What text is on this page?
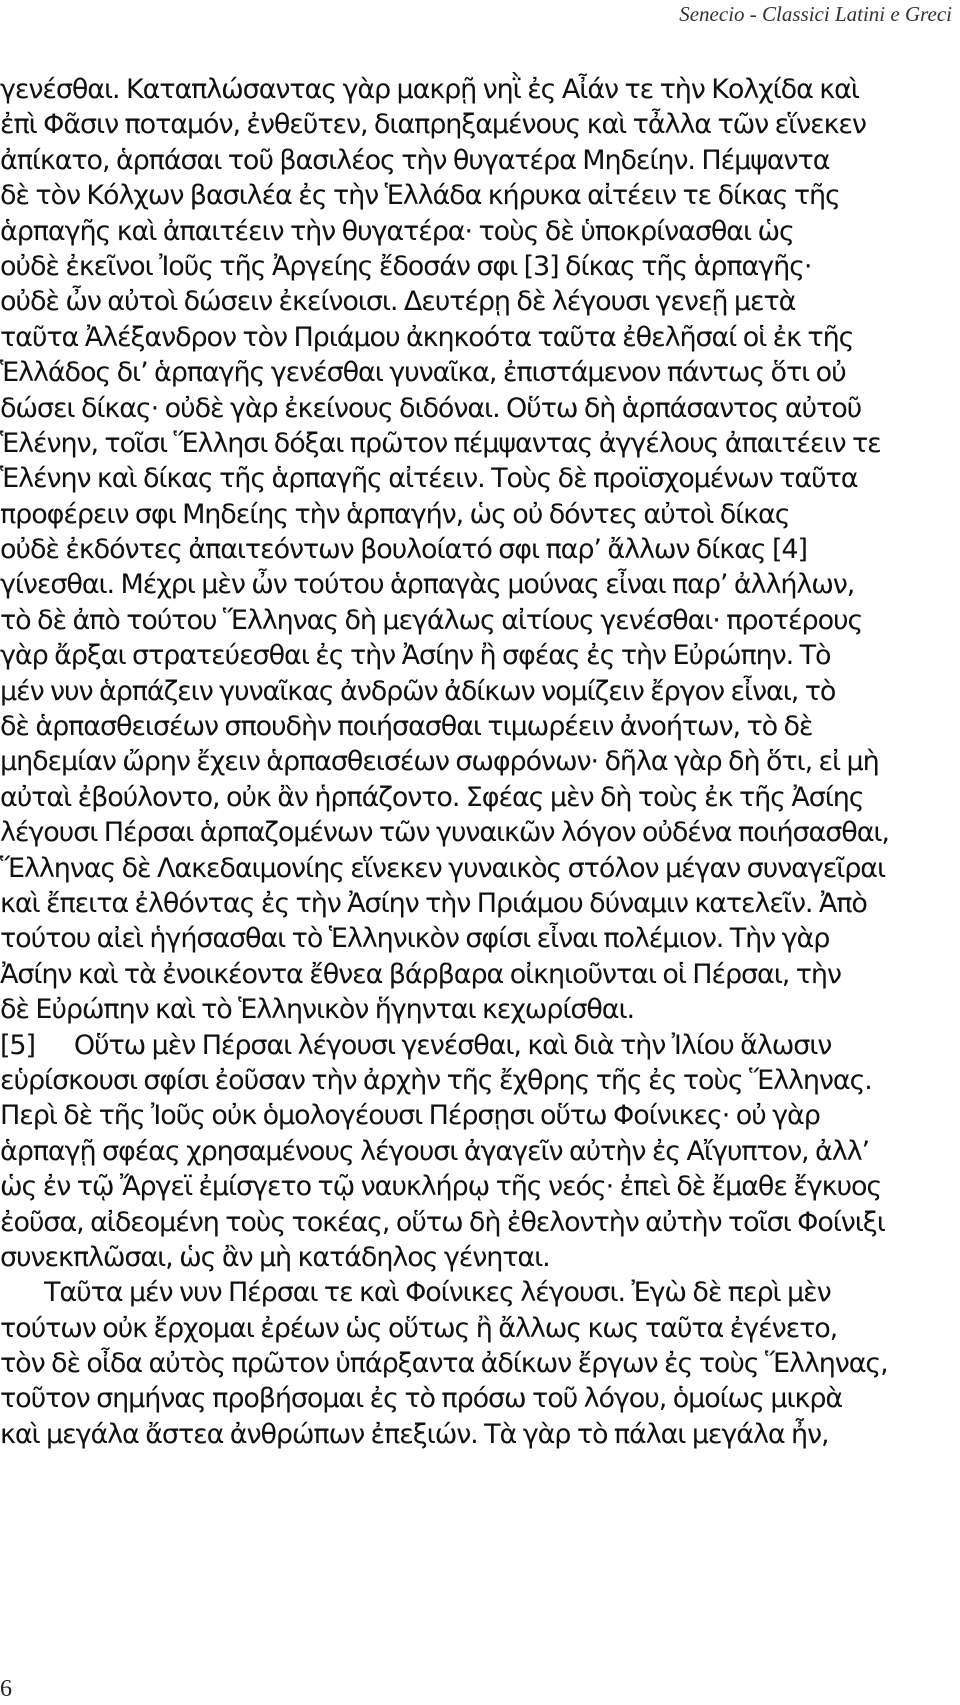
Senecio - Classici Latini e Greci
γενέσθαι. Καταπλώσαντας γὰρ μακρῇ νηῒ ἐς Αἶάν τε τὴν Κολχίδα καὶ
ἐπὶ Φᾶσιν ποταμόν, ἐνθεῦτεν, διαπρηξαμένους καὶ τἆλλα τῶν εἵνεκεν
ἀπίκατο, ἁρπάσαι τοῦ βασιλέος τὴν θυγατέρα Μηδείην. Πέμψαντα
δὲ τὸν Κόλχων βασιλέα ἐς τὴν Ἑλλάδα κήρυκα αἰτέειν τε δίκας τῆς
ἁρπαγῆς καὶ ἀπαιτέειν τὴν θυγατέρα· τοὺς δὲ ὑποκρίνασθαι ὡς
οὐδὲ ἐκεῖνοι Ἰοῦς τῆς Ἀργείης ἔδοσάν σφι [3] δίκας τῆς ἁρπαγῆς·
οὐδὲ ὦν αὐτοὶ δώσειν ἐκείνοισι. Δευτέρῃ δὲ λέγουσι γενεῇ μετὰ
ταῦτα Ἀλέξανδρον τὸν Πριάμου ἀκηκοότα ταῦτα ἐθελῆσαί οἱ ἐκ τῆς
Ἑλλάδος δι’ ἁρπαγῆς γενέσθαι γυναῖκα, ἐπιστάμενον πάντως ὅτι οὐ
δώσει δίκας· οὐδὲ γὰρ ἐκείνους διδόναι. Οὕτω δὴ ἁρπάσαντος αὐτοῦ
Ἑλένην, τοῖσι Ἕλλησι δόξαι πρῶτον πέμψαντας ἀγγέλους ἀπαιτέειν τε
Ἑλένην καὶ δίκας τῆς ἁρπαγῆς αἰτέειν. Τοὺς δὲ προϊσχομένων ταῦτα
προφέρειν σφι Μηδείης τὴν ἁρπαγήν, ὡς οὐ δόντες αὐτοὶ δίκας
οὐδὲ ἐκδόντες ἀπαιτεόντων βουλοίατό σφι παρ’ ἄλλων δίκας [4]
γίνεσθαι. Μέχρι μὲν ὦν τούτου ἁρπαγὰς μούνας εἶναι παρ’ ἀλλήλων,
τὸ δὲ ἀπὸ τούτου Ἕλληνας δὴ μεγάλως αἰτίους γενέσθαι· προτέρους
γὰρ ἄρξαι στρατεύεσθαι ἐς τὴν Ἀσίην ἢ σφέας ἐς τὴν Εὐρώπην. Τὸ
μέν νυν ἁρπάζειν γυναῖκας ἀνδρῶν ἀδίκων νομίζειν ἔργον εἶναι, τὸ
δὲ ἁρπασθεισέων σπουδὴν ποιήσασθαι τιμωρέειν ἀνοήτων, τὸ δὲ
μηδεμίαν ὤρην ἔχειν ἁρπασθεισέων σωφρόνων· δῆλα γὰρ δὴ ὅτι, εἰ μὴ
αὐταὶ ἐβούλοντο, οὐκ ἂν ἡρπάζοντο. Σφέας μὲν δὴ τοὺς ἐκ τῆς Ἀσίης
λέγουσι Πέρσαι ἁρπαζομένων τῶν γυναικῶν λόγον οὐδένα ποιήσασθαι,
Ἕλληνας δὲ Λακεδαιμονίης εἵνεκεν γυναικὸς στόλον μέγαν συναγεῖραι
καὶ ἔπειτα ἐλθόντας ἐς τὴν Ἀσίην τὴν Πριάμου δύναμιν κατελεῖν. Ἀπὸ
τούτου αἰεὶ ἡγήσασθαι τὸ Ἑλληνικὸν σφίσι εἶναι πολέμιον. Τὴν γὰρ
Ἀσίην καὶ τὰ ἐνοικέοντα ἔθνεα βάρβαρα οἰκηιοῦνται οἱ Πέρσαι, τὴν
δὲ Εὐρώπην καὶ τὸ Ἑλληνικὸν ἥγηνται κεχωρίσθαι.
[5]      Οὕτω μὲν Πέρσαι λέγουσι γενέσθαι, καὶ διὰ τὴν Ἰλίου ἅλωσιν
εὑρίσκουσι σφίσι ἐοῦσαν τὴν ἀρχὴν τῆς ἔχθρης τῆς ἐς τοὺς Ἕλληνας.
Περὶ δὲ τῆς Ἰοῦς οὐκ ὁμολογέουσι Πέρσῃσι οὕτω Φοίνικες· οὐ γὰρ
ἁρπαγῇ σφέας χρησαμένους λέγουσι ἀγαγεῖν αὐτὴν ἐς Αἴγυπτον, ἀλλ’
ὡς ἐν τῷ Ἄργεϊ ἐμίσγετο τῷ ναυκλήρῳ τῆς νεός· ἐπεὶ δὲ ἔμαθε ἔγκυος
ἐοῦσα, αἰδεομένη τοὺς τοκέας, οὕτω δὴ ἐθελοντὴν αὐτὴν τοῖσι Φοίνιξι
συνεκπλῶσαι, ὡς ἂν μὴ κατάδηλος γένηται.
Ταῦτα μέν νυν Πέρσαι τε καὶ Φοίνικες λέγουσι. Ἐγὼ δὲ περὶ μὲν
τούτων οὐκ ἔρχομαι ἐρέων ὡς οὕτως ἢ ἄλλως κως ταῦτα ἐγένετο,
τὸν δὲ οἶδα αὐτὸς πρῶτον ὑπάρξαντα ἀδίκων ἔργων ἐς τοὺς Ἕλληνας,
τοῦτον σημήνας προβήσομαι ἐς τὸ πρόσω τοῦ λόγου, ὁμοίως μικρὰ
καὶ μεγάλα ἄστεα ἀνθρώπων ἐπεξιών. Τὰ γὰρ τὸ πάλαι μεγάλα ἦν,
6
